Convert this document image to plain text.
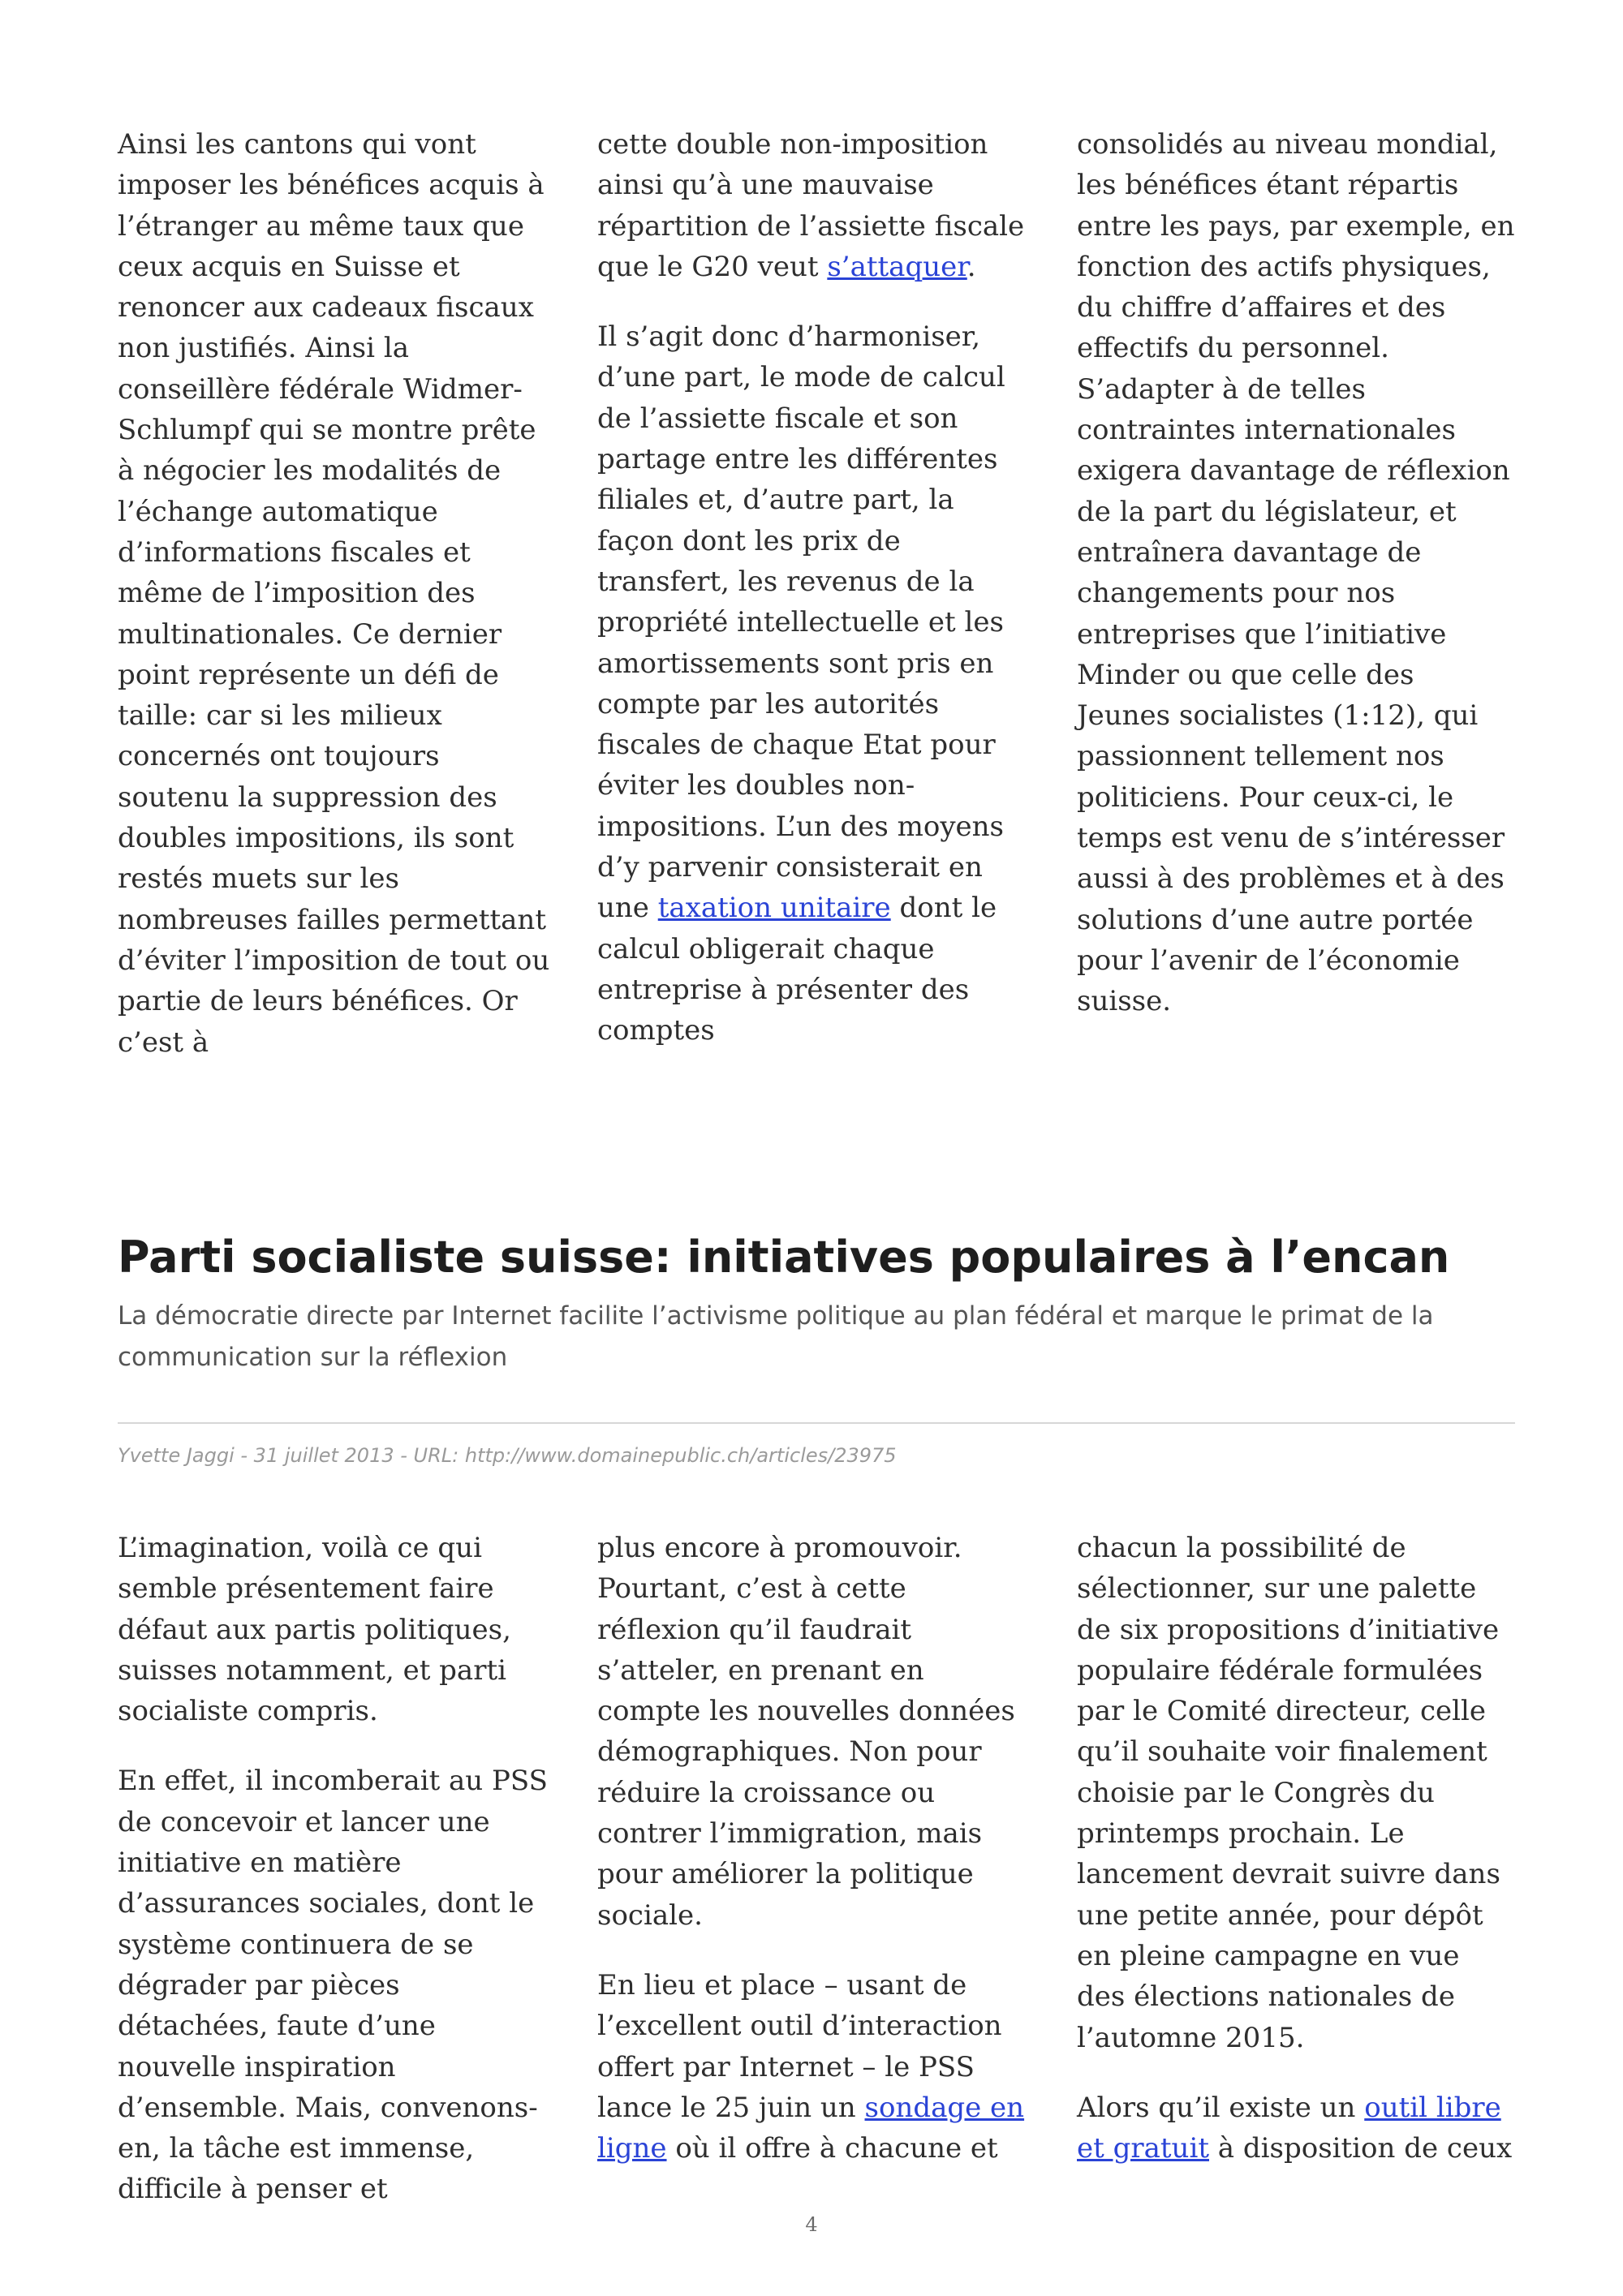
Ainsi les cantons qui vont imposer les bénéfices acquis à l’étranger au même taux que ceux acquis en Suisse et renoncer aux cadeaux fiscaux non justifiés. Ainsi la conseillère fédérale Widmer-Schlumpf qui se montre prête à négocier les modalités de l’échange automatique d’informations fiscales et même de l’imposition des multinationales. Ce dernier point représente un défi de taille: car si les milieux concernés ont toujours soutenu la suppression des doubles impositions, ils sont restés muets sur les nombreuses failles permettant d’éviter l’imposition de tout ou partie de leurs bénéfices. Or c’est à

cette double non-imposition ainsi qu’à une mauvaise répartition de l’assiette fiscale que le G20 veut s’attaquer.

Il s’agit donc d’harmoniser, d’une part, le mode de calcul de l’assiette fiscale et son partage entre les différentes filiales et, d’autre part, la façon dont les prix de transfert, les revenus de la propriété intellectuelle et les amortissements sont pris en compte par les autorités fiscales de chaque Etat pour éviter les doubles non-impositions. L’un des moyens d’y parvenir consisterait en une taxation unitaire dont le calcul obligerait chaque entreprise à présenter des comptes

consolidés au niveau mondial, les bénéfices étant répartis entre les pays, par exemple, en fonction des actifs physiques, du chiffre d’affaires et des effectifs du personnel. S’adapter à de telles contraintes internationales exigera davantage de réflexion de la part du législateur, et entraînera davantage de changements pour nos entreprises que l’initiative Minder ou que celle des Jeunes socialistes (1:12), qui passionnent tellement nos politiciens. Pour ceux-ci, le temps est venu de s’intéresser aussi à des problèmes et à des solutions d’une autre portée pour l’avenir de l’économie suisse.

Parti socialiste suisse: initiatives populaires à l’encan

La démocratie directe par Internet facilite l’activisme politique au plan fédéral et marque le primat de la communication sur la réflexion

Yvette Jaggi - 31 juillet 2013 - URL: http://www.domainepublic.ch/articles/23975

L’imagination, voilà ce qui semble présentement faire défaut aux partis politiques, suisses notamment, et parti socialiste compris.

En effet, il incomberait au PSS de concevoir et lancer une initiative en matière d’assurances sociales, dont le système continuera de se dégrader par pièces détachées, faute d’une nouvelle inspiration d’ensemble. Mais, convenons-en, la tâche est immense, difficile à penser et

plus encore à promouvoir. Pourtant, c’est à cette réflexion qu’il faudrait s’atteler, en prenant en compte les nouvelles données démographiques. Non pour réduire la croissance ou contrer l’immigration, mais pour améliorer la politique sociale.

En lieu et place – usant de l’excellent outil d’interaction offert par Internet – le PSS lance le 25 juin un sondage en ligne où il offre à chacune et

chacun la possibilité de sélectionner, sur une palette de six propositions d’initiative populaire fédérale formulées par le Comité directeur, celle qu’il souhaite voir finalement choisie par le Congrès du printemps prochain. Le lancement devrait suivre dans une petite année, pour dépôt en pleine campagne en vue des élections nationales de l’automne 2015.

Alors qu’il existe un outil libre et gratuit à disposition de ceux

4
